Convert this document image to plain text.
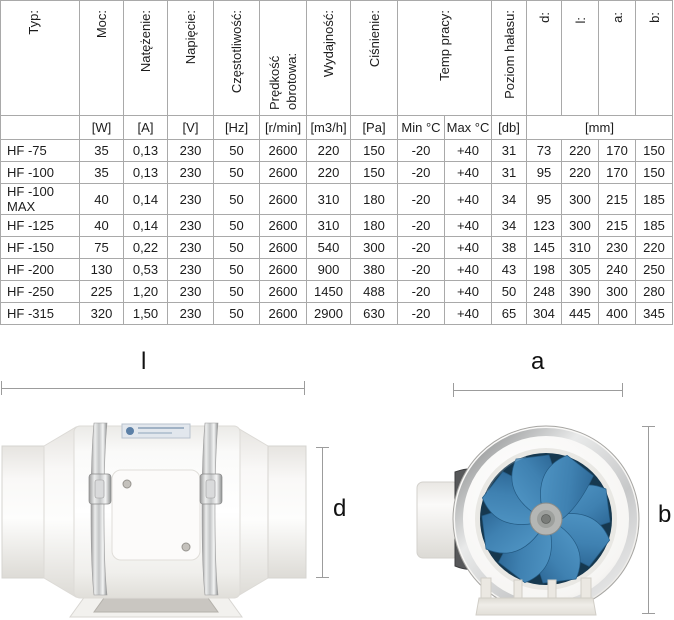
Typ:	Moc:	Natężenie:	Napięcie:	Częstotliwość:	Prędkość obrotowa:	Wydajność:	Ciśnienie:	Temp pracy:		Poziom hałasu:	d:	l:	a:	b:
	[W]	[A]	[V]	[Hz]	[r/min]	[m3/h]	[Pa]	Min °C	Max °C	[db]	[mm]			
HF -75	35	0,13	230	50	2600	220	150	-20	+40	31	73	220	170	150
HF -100	35	0,13	230	50	2600	220	150	-20	+40	31	95	220	170	150
HF -100 MAX	40	0,14	230	50	2600	310	180	-20	+40	34	95	300	215	185
HF -125	40	0,14	230	50	2600	310	180	-20	+40	34	123	300	215	185
HF -150	75	0,22	230	50	2600	540	300	-20	+40	38	145	310	230	220
HF -200	130	0,53	230	50	2600	900	380	-20	+40	43	198	305	240	250
HF -250	225	1,20	230	50	2600	1450	488	-20	+40	50	248	390	300	280
HF -315	320	1,50	230	50	2600	2900	630	-20	+40	65	304	445	400	345
l
d
a
b
